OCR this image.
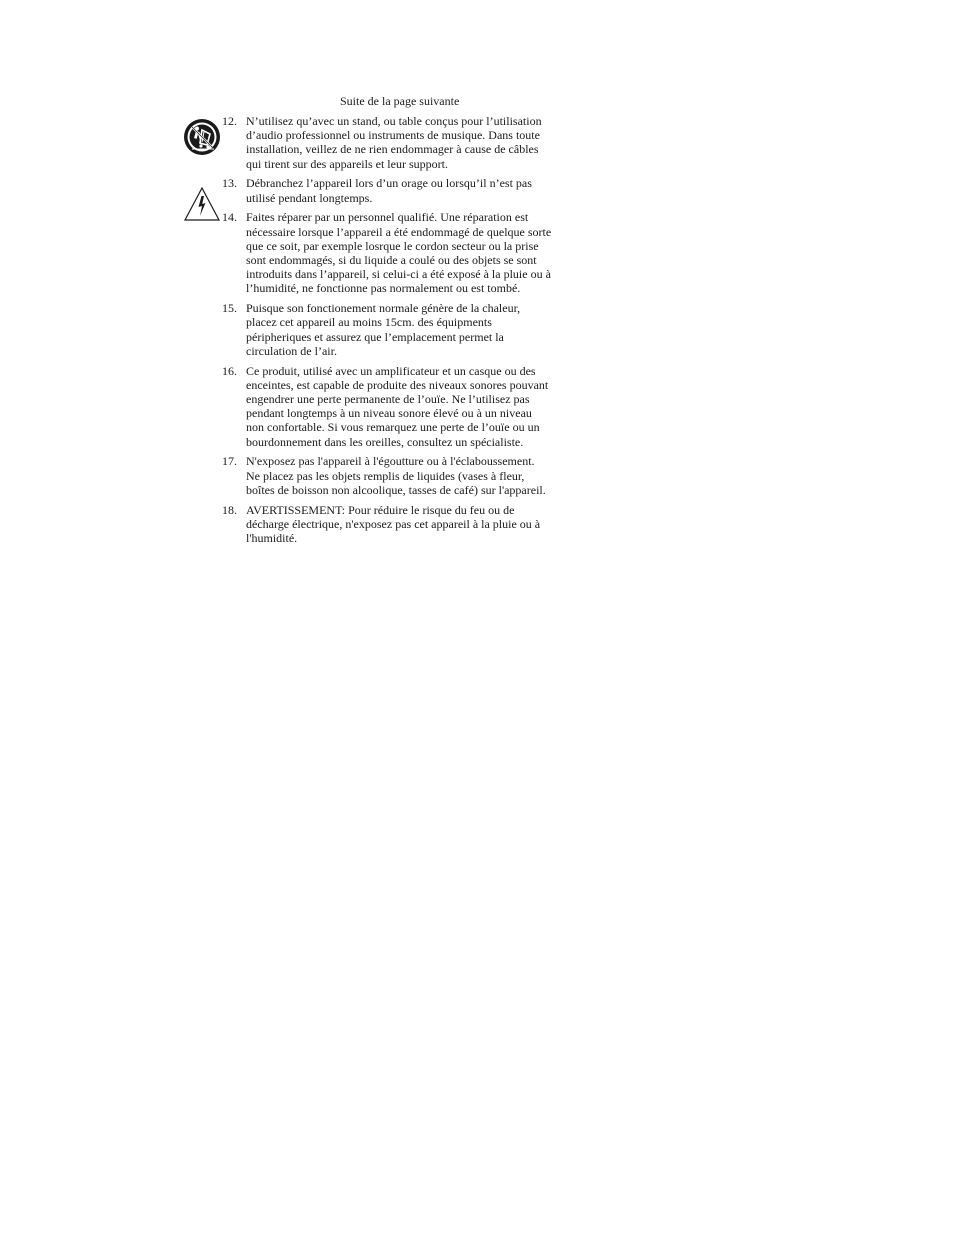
Suite de la page suivante
12. N’utilisez qu’avec un stand, ou table conçus pour l’utilisation
d’audio professionnel ou instruments de musique. Dans toute
installation, veillez de ne rien endommager à cause de câbles
qui tirent sur des appareils et leur support.
13. Débranchez l’appareil lors d’un orage ou lorsqu’il n’est pas
utilisé pendant longtemps.
14. Faites réparer par un personnel qualifié. Une réparation est
nécessaire lorsque l’appareil a été endommagé de quelque sorte
que ce soit, par exemple losrque le cordon secteur ou la prise
sont endommagés, si du liquide a coulé ou des objets se sont
introduits dans l’appareil, si celui-ci a été exposé à la pluie ou à
l’humidité, ne fonctionne pas normalement ou est tombé.
15. Puisque son fonctionement normale génère de la chaleur,
placez cet appareil au moins 15cm. des équipments
péripheriques et assurez que l’emplacement permet la
circulation de l’air.
16. Ce produit, utilisé avec un amplificateur et un casque ou des
enceintes, est capable de produite des niveaux sonores pouvant
engendrer une perte permanente de l’ouïe. Ne l’utilisez pas
pendant longtemps à un niveau sonore élevé ou à un niveau
non confortable. Si vous remarquez une perte de l’ouïe ou un
bourdonnement dans les oreilles, consultez un spécialiste.
17. N'exposez pas l'appareil à l'égoutture ou à l'éclaboussement.
Ne placez pas les objets remplis de liquides (vases à fleur,
boîtes de boisson non alcoolique, tasses de café) sur l'appareil.
18. AVERTISSEMENT: Pour réduire le risque du feu ou de
décharge électrique, n'exposez pas cet appareil à la pluie ou à
l'humidité.
